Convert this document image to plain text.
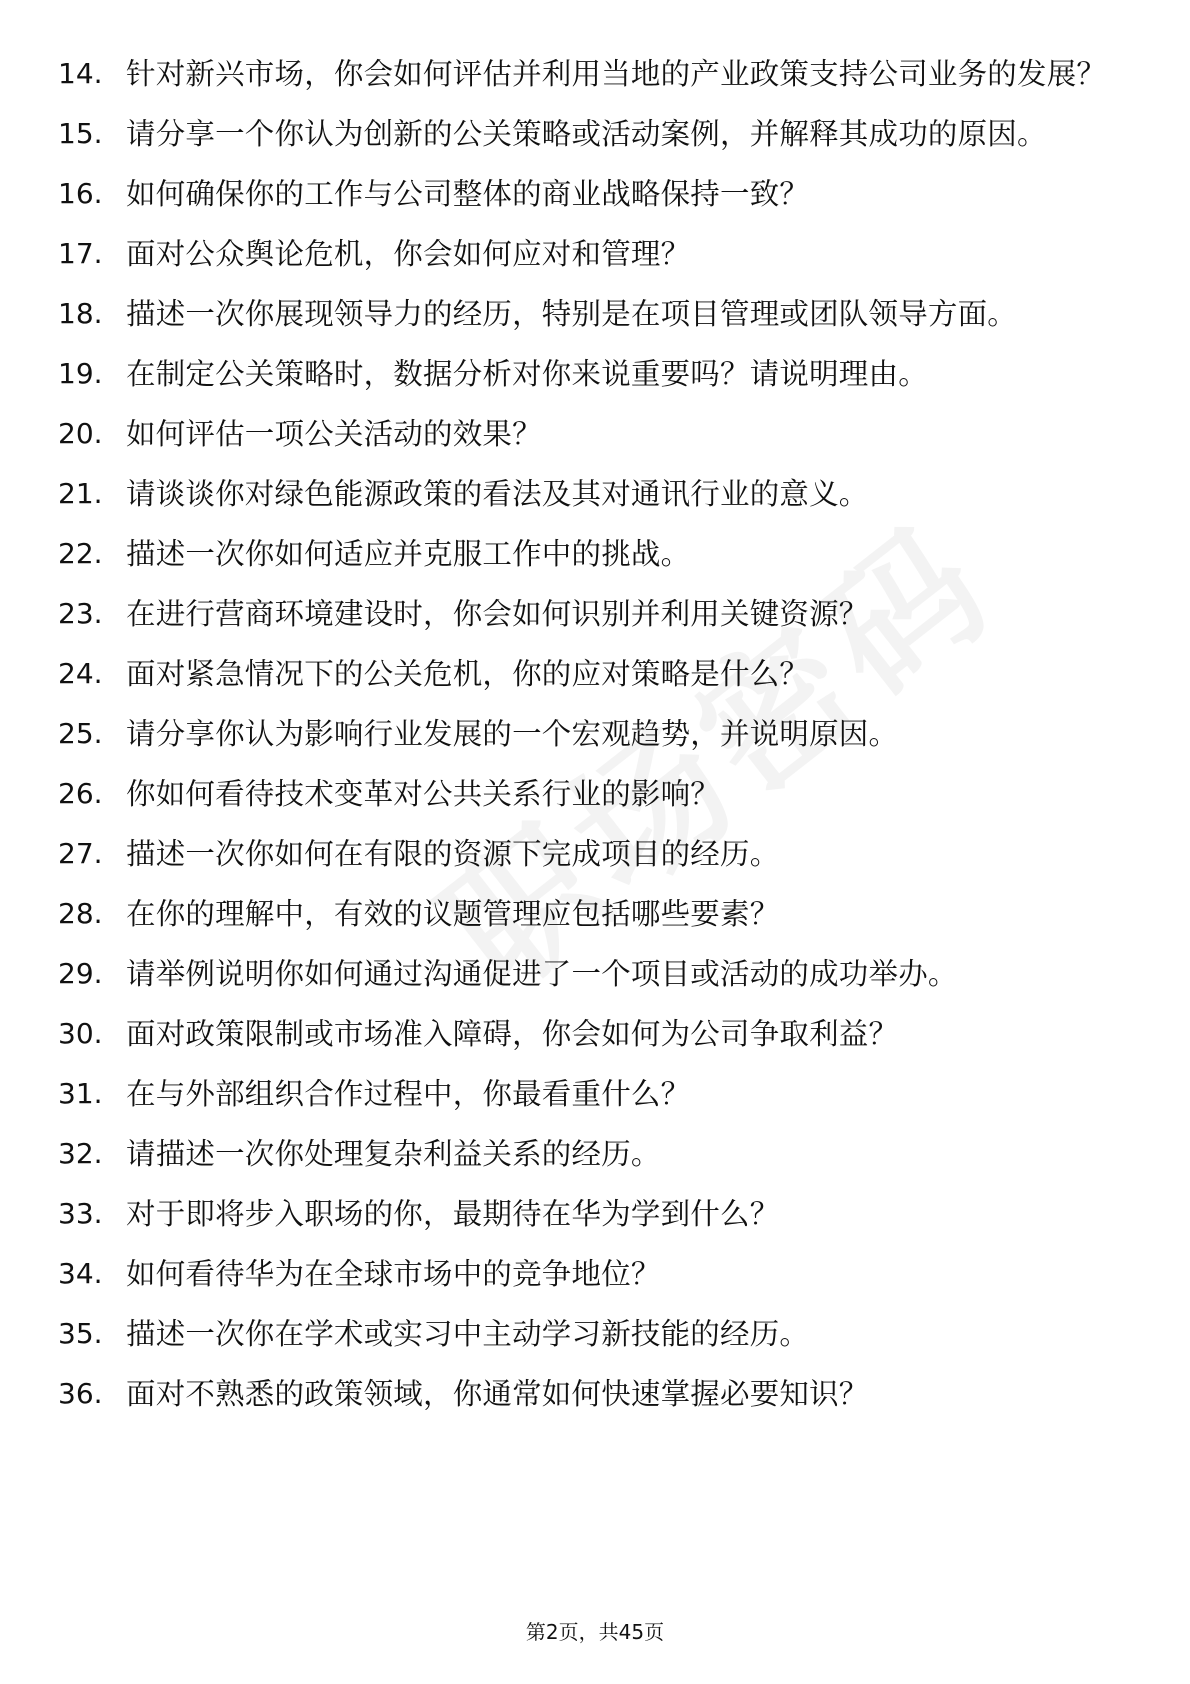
14. 针对新兴市场，你会如何评估并利用当地的产业政策支持公司业务的发展？
15. 请分享一个你认为创新的公关策略或活动案例，并解释其成功的原因。
16. 如何确保你的工作与公司整体的商业战略保持一致？
17. 面对公众舆论危机，你会如何应对和管理？
18. 描述一次你展现领导力的经历，特别是在项目管理或团队领导方面。
19. 在制定公关策略时，数据分析对你来说重要吗？请说明理由。
20. 如何评估一项公关活动的效果？
21. 请谈谈你对绿色能源政策的看法及其对通讯行业的意义。
22. 描述一次你如何适应并克服工作中的挑战。
23. 在进行营商环境建设时，你会如何识别并利用关键资源？
24. 面对紧急情况下的公关危机，你的应对策略是什么？
25. 请分享你认为影响行业发展的一个宏观趋势，并说明原因。
26. 你如何看待技术变革对公共关系行业的影响？
27. 描述一次你如何在有限的资源下完成项目的经历。
28. 在你的理解中，有效的议题管理应包括哪些要素？
29. 请举例说明你如何通过沟通促进了一个项目或活动的成功举办。
30. 面对政策限制或市场准入障碍，你会如何为公司争取利益？
31. 在与外部组织合作过程中，你最看重什么？
32. 请描述一次你处理复杂利益关系的经历。
33. 对于即将步入职场的你，最期待在华为学到什么？
34. 如何看待华为在全球市场中的竞争地位？
35. 描述一次你在学术或实习中主动学习新技能的经历。
36. 面对不熟悉的政策领域，你通常如何快速掌握必要知识？
第2页，共45页
